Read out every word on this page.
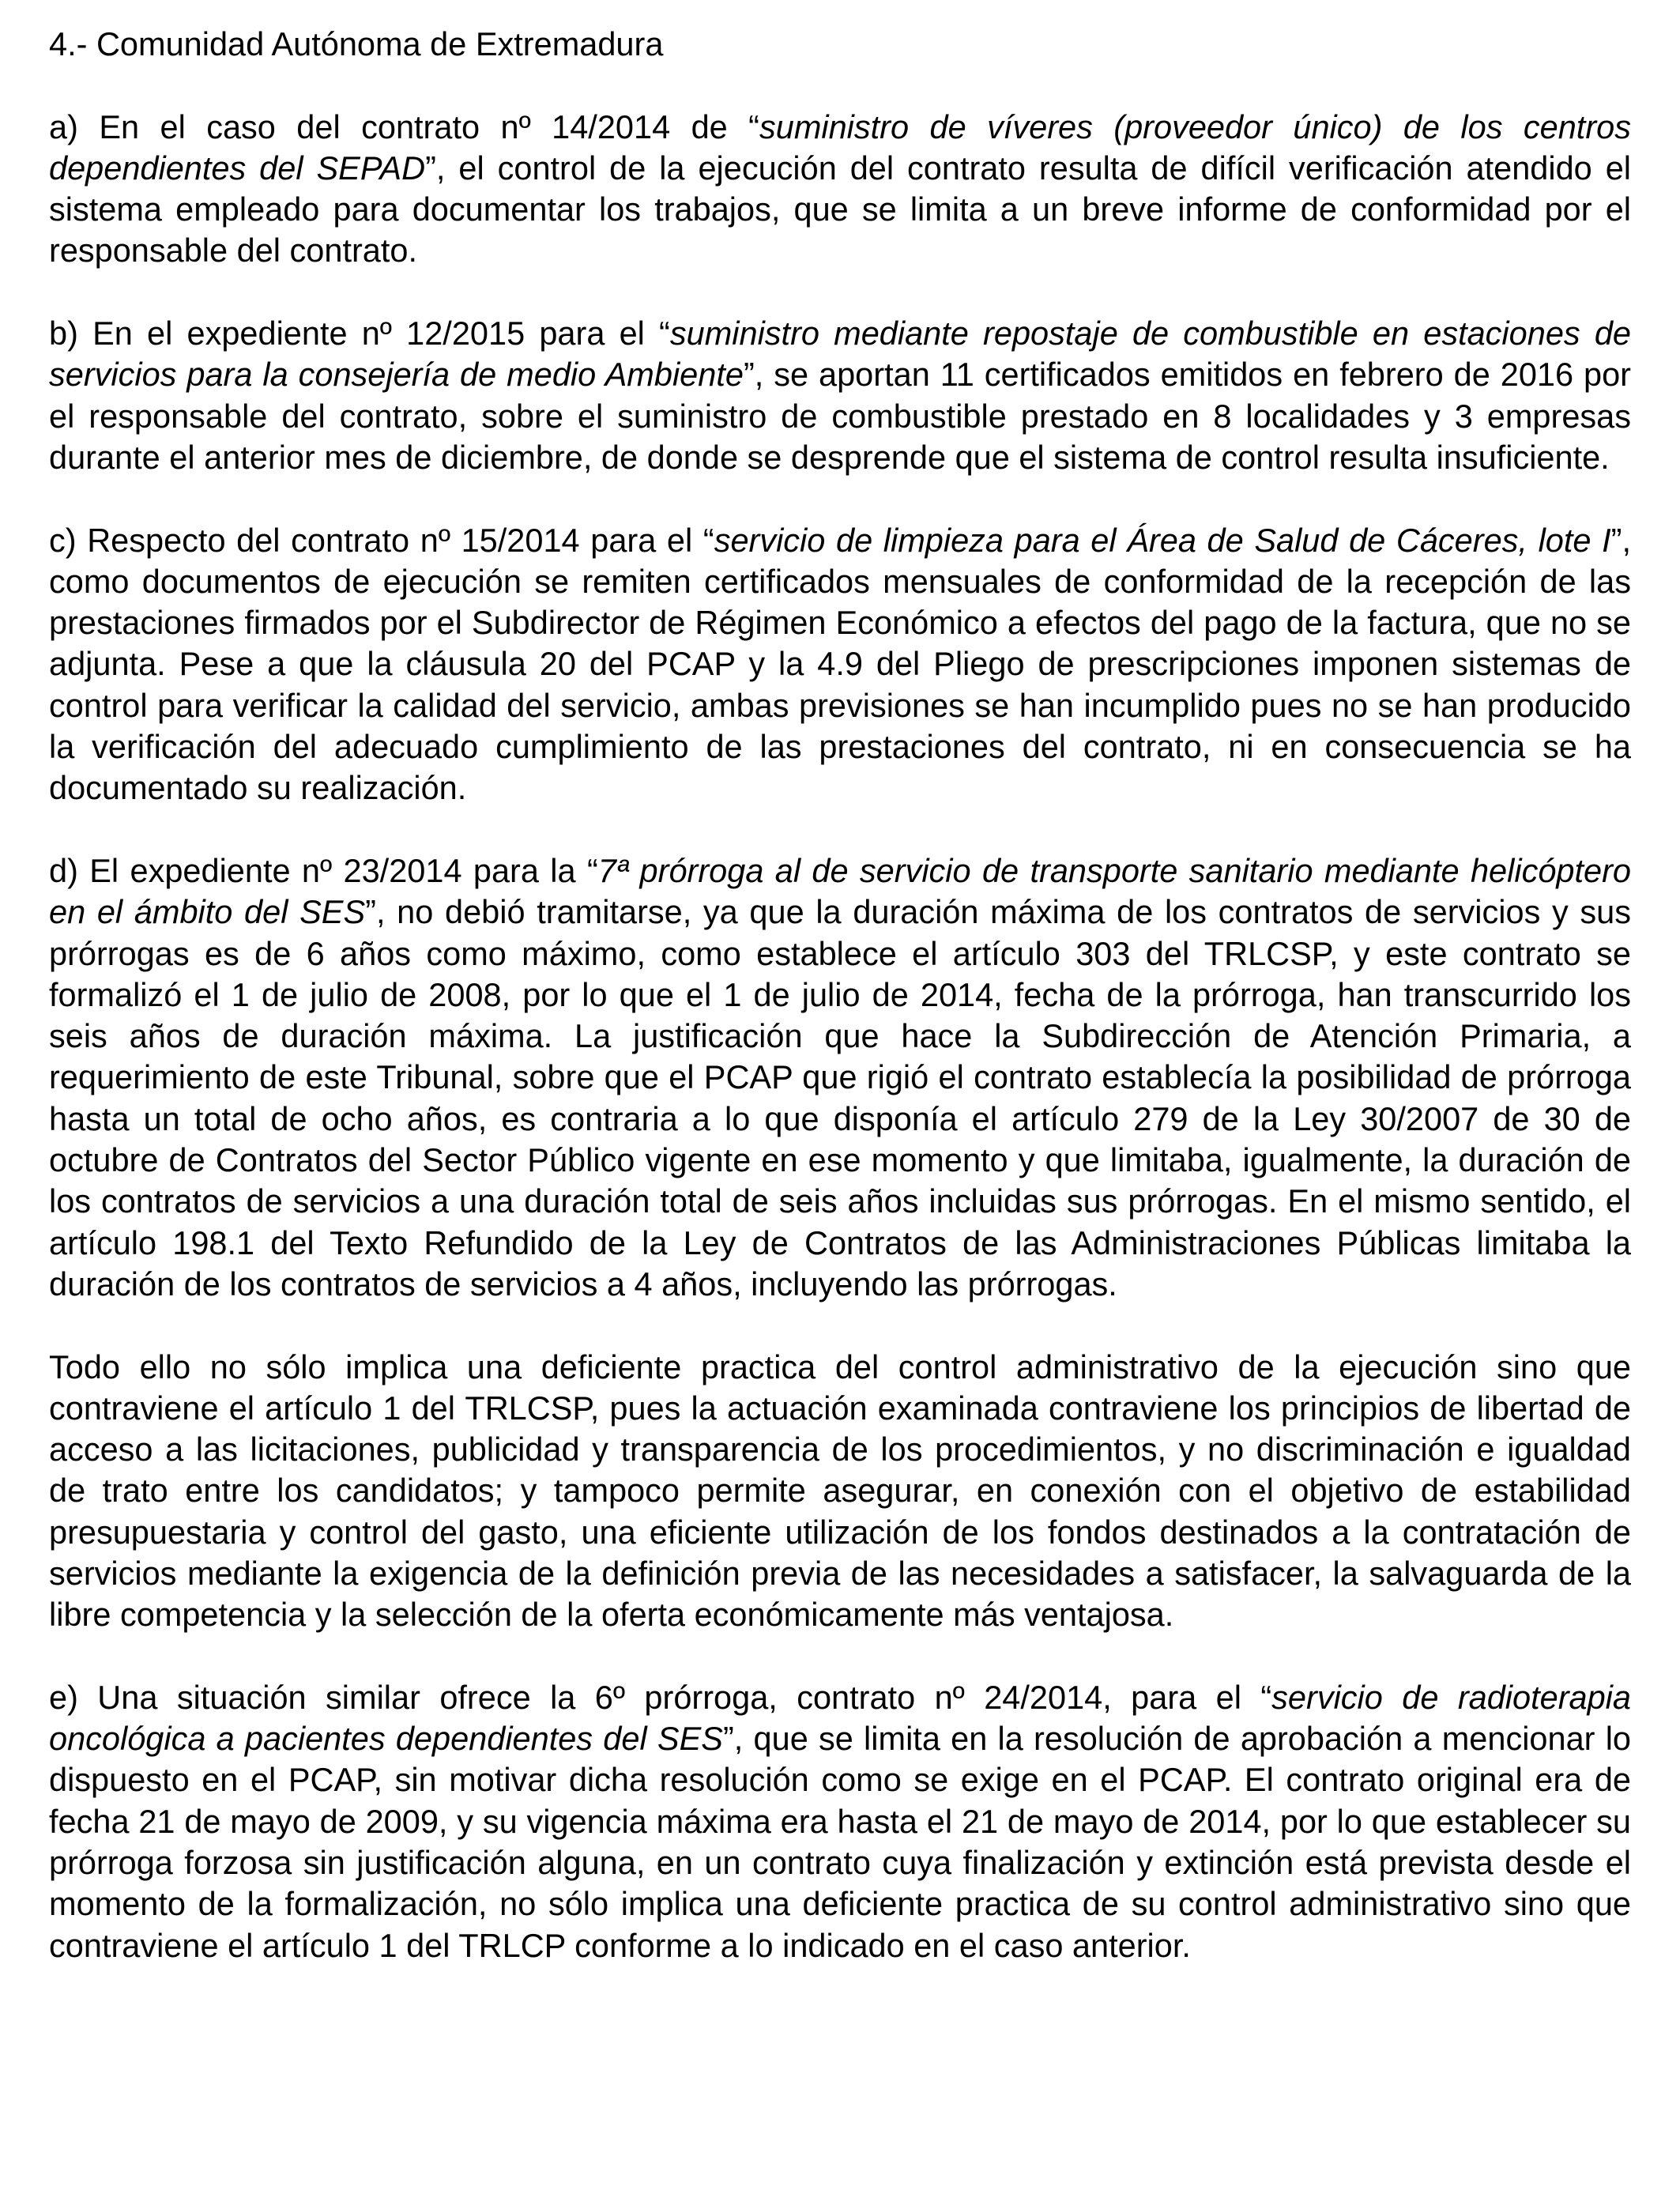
4.- Comunidad Autónoma de Extremadura

a) En el caso del contrato nº 14/2014 de “suministro de víveres (proveedor único) de los centros dependientes del SEPAD”, el control de la ejecución del contrato resulta de difícil verificación atendido el sistema empleado para documentar los trabajos, que se limita a un breve informe de conformidad por el responsable del contrato.

b) En el expediente nº 12/2015 para el “suministro mediante repostaje de combustible en estaciones de servicios para la consejería de medio Ambiente”, se aportan 11 certificados emitidos en febrero de 2016 por el responsable del contrato, sobre el suministro de combustible prestado en 8 localidades y 3 empresas durante el anterior mes de diciembre, de donde se desprende que el sistema de control resulta insuficiente.

c) Respecto del contrato nº 15/2014 para el “servicio de limpieza para el Área de Salud de Cáceres, lote I”, como documentos de ejecución se remiten certificados mensuales de conformidad de la recepción de las prestaciones firmados por el Subdirector de Régimen Económico a efectos del pago de la factura, que no se adjunta. Pese a que la cláusula 20 del PCAP y la 4.9 del Pliego de prescripciones imponen sistemas de control para verificar la calidad del servicio, ambas previsiones se han incumplido pues no se han producido la verificación del adecuado cumplimiento de las prestaciones del contrato, ni en consecuencia se ha documentado su realización.

d) El expediente nº 23/2014 para la “7ª prórroga al de servicio de transporte sanitario mediante helicóptero en el ámbito del SES”, no debió tramitarse, ya que la duración máxima de los contratos de servicios y sus prórrogas es de 6 años como máximo, como establece el artículo 303 del TRLCSP, y este contrato se formalizó el 1 de julio de 2008, por lo que el 1 de julio de 2014, fecha de la prórroga, han transcurrido los seis años de duración máxima. La justificación que hace la Subdirección de Atención Primaria, a requerimiento de este Tribunal, sobre que el PCAP que rigió el contrato establecía la posibilidad de prórroga hasta un total de ocho años, es contraria a lo que disponía el artículo 279 de la Ley 30/2007 de 30 de octubre de Contratos del Sector Público vigente en ese momento y que limitaba, igualmente, la duración de los contratos de servicios a una duración total de seis años incluidas sus prórrogas. En el mismo sentido, el artículo 198.1 del Texto Refundido de la Ley de Contratos de las Administraciones Públicas limitaba la duración de los contratos de servicios a 4 años, incluyendo las prórrogas.

Todo ello no sólo implica una deficiente practica del control administrativo de la ejecución sino que contraviene el artículo 1 del TRLCSP, pues la actuación examinada contraviene los principios de libertad de acceso a las licitaciones, publicidad y transparencia de los procedimientos, y no discriminación e igualdad de trato entre los candidatos; y tampoco permite asegurar, en conexión con el objetivo de estabilidad presupuestaria y control del gasto, una eficiente utilización de los fondos destinados a la contratación de servicios mediante la exigencia de la definición previa de las necesidades a satisfacer, la salvaguarda de la libre competencia y la selección de la oferta económicamente más ventajosa.

e) Una situación similar ofrece la 6º prórroga, contrato nº 24/2014, para el “servicio de radioterapia oncológica a pacientes dependientes del SES”, que se limita en la resolución de aprobación a mencionar lo dispuesto en el PCAP, sin motivar dicha resolución como se exige en el PCAP. El contrato original era de fecha 21 de mayo de 2009, y su vigencia máxima era hasta el 21 de mayo de 2014, por lo que establecer su prórroga forzosa sin justificación alguna, en un contrato cuya finalización y extinción está prevista desde el momento de la formalización, no sólo implica una deficiente practica de su control administrativo sino que contraviene el artículo 1 del TRLCP conforme a lo indicado en el caso anterior.
